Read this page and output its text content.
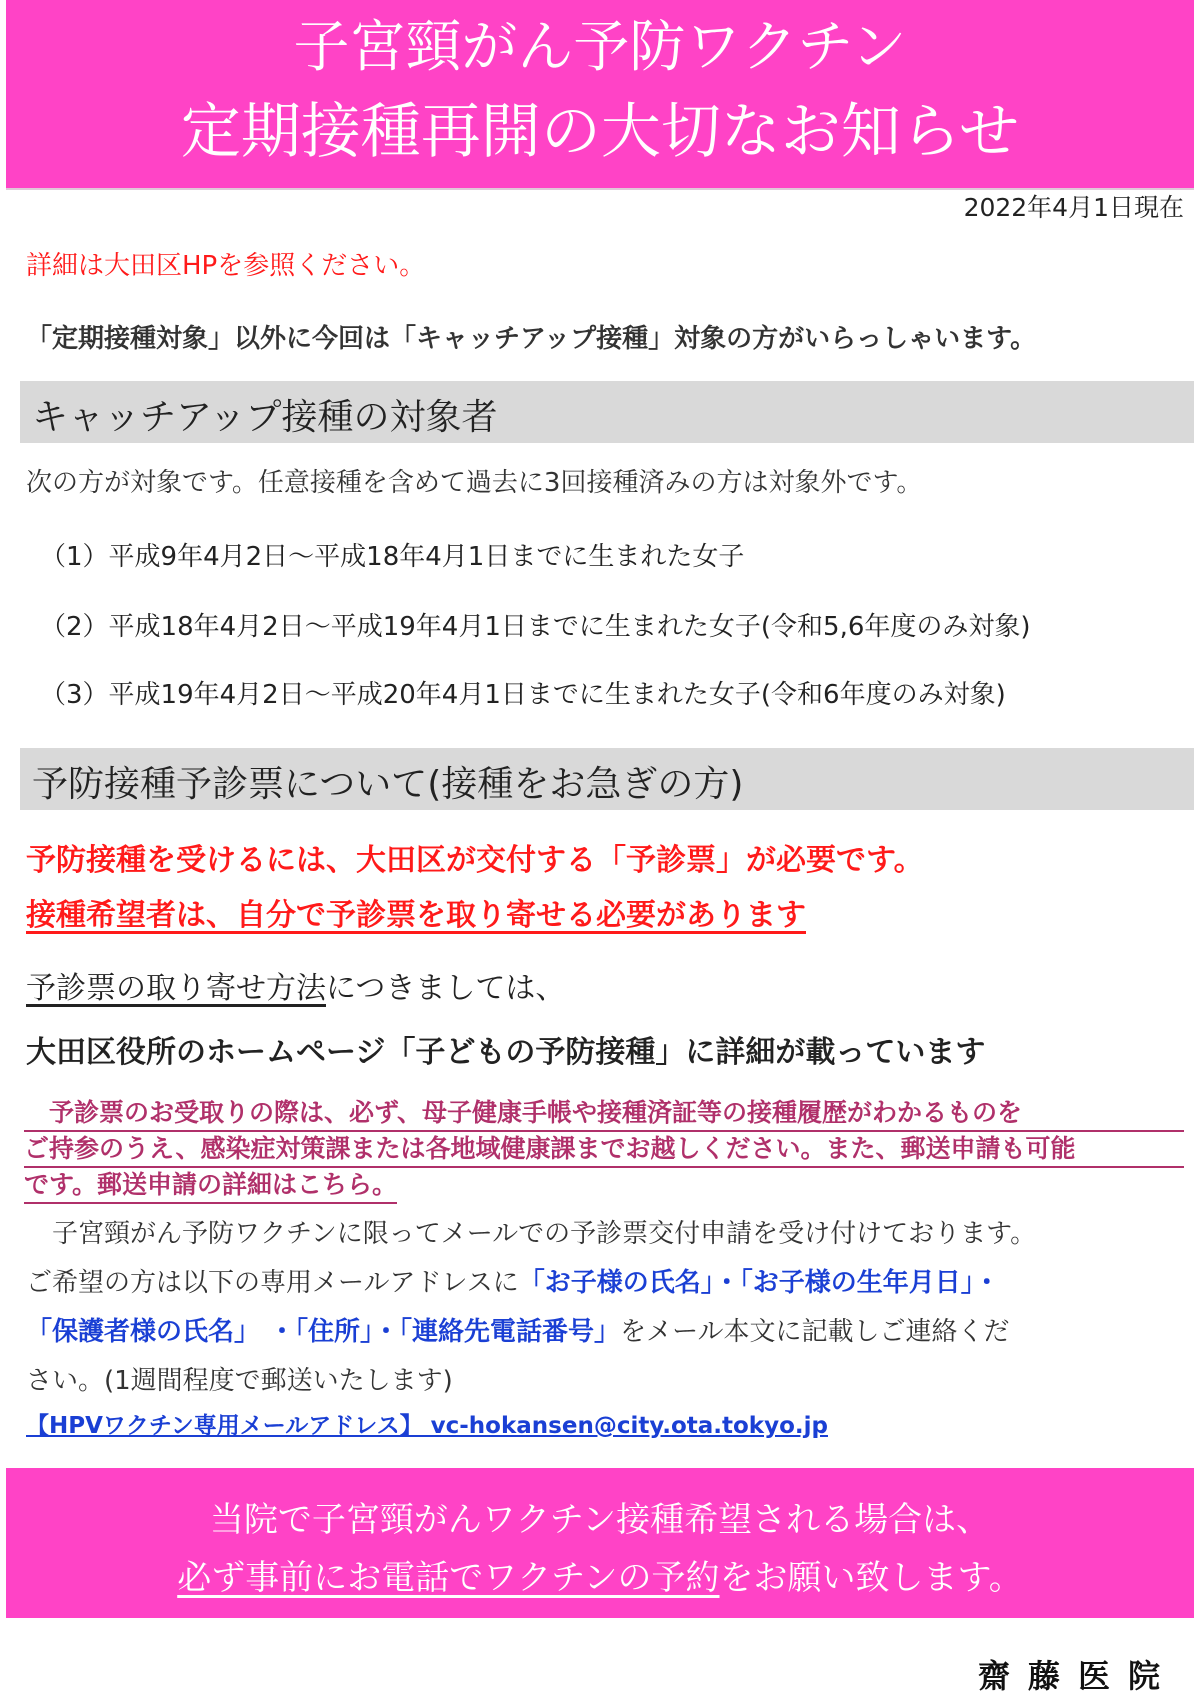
子宮頸がん予防ワクチン
定期接種再開の大切なお知らせ
2022年4月1日現在
詳細は大田区HPを参照ください。
「定期接種対象」以外に今回は「キャッチアップ接種」対象の方がいらっしゃいます。
キャッチアップ接種の対象者
次の方が対象です。任意接種を含めて過去に3回接種済みの方は対象外です。
（1）平成9年4月2日～平成18年4月1日までに生まれた女子
（2）平成18年4月2日～平成19年4月1日までに生まれた女子(令和5,6年度のみ対象)
（3）平成19年4月2日～平成20年4月1日までに生まれた女子(令和6年度のみ対象)
予防接種予診票について(接種をお急ぎの方)
予防接種を受けるには、大田区が交付する「予診票」が必要です。
接種希望者は、自分で予診票を取り寄せる必要があります
予診票の取り寄せ方法につきましては、
大田区役所のホームページ「子どもの予防接種」に詳細が載っています
　予診票のお受取りの際は、必ず、母子健康手帳や接種済証等の接種履歴がわかるものを
ご持参のうえ、感染症対策課または各地域健康課までお越しください。また、郵送申請も可能
です。郵送申請の詳細はこちら。
　子宮頸がん予防ワクチンに限ってメールでの予診票交付申請を受け付けております。
ご希望の方は以下の専用メールアドレスに「お子様の氏名」・「お子様の生年月日」・
「保護者様の氏名」 ・「住所」・「連絡先電話番号」をメール本文に記載しご連絡くだ
さい。(1週間程度で郵送いたします)
【HPVワクチン専用メールアドレス】 vc-hokansen@city.ota.tokyo.jp
当院で子宮頸がんワクチン接種希望される場合は、
必ず事前にお電話でワクチンの予約をお願い致します。
齋藤医院
